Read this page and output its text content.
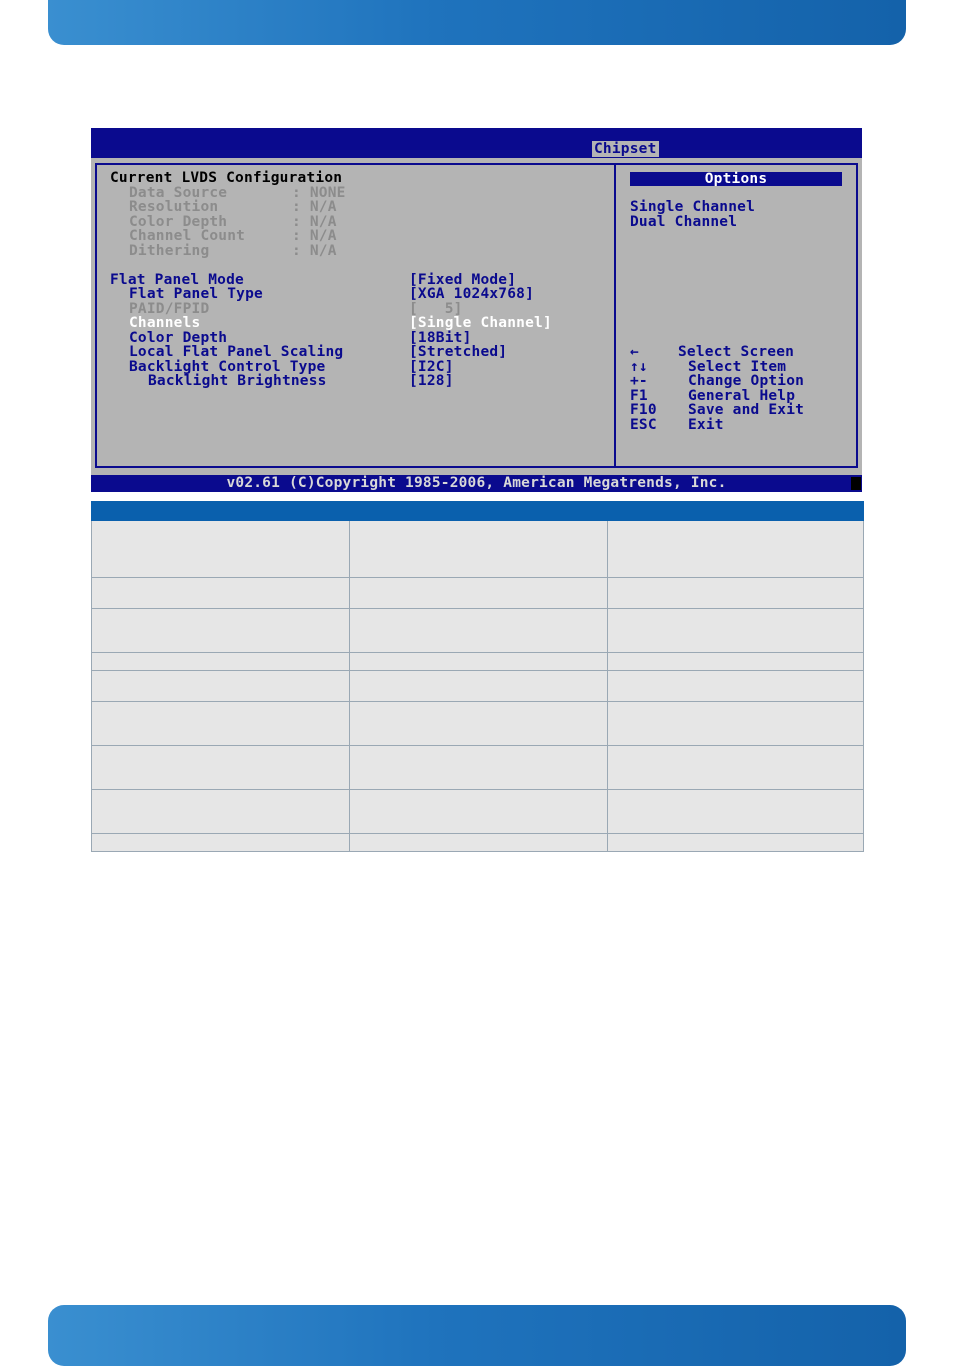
Chipset
Current LVDS Configuration
Data Source	: NONE
Resolution	: N/A
Color Depth	: N/A
Channel Count	: N/A
Dithering	: N/A
Flat Panel Mode	[Fixed Mode]
Flat Panel Type	[XGA 1024x768]
PAID/FPID	[   5]
Channels	[Single Channel]
Color Depth	[18Bit]
Local Flat Panel Scaling	[Stretched]
Backlight Control Type	[I2C]
Backlight Brightness	[128]
Options
Single Channel
Dual Channel
←	Select Screen
↑↓	Select Item
+-	Change Option
F1	General Help
F10 Save and Exit
ESC Exit
v02.61 (C)Copyright 1985-2006, American Megatrends, Inc.
